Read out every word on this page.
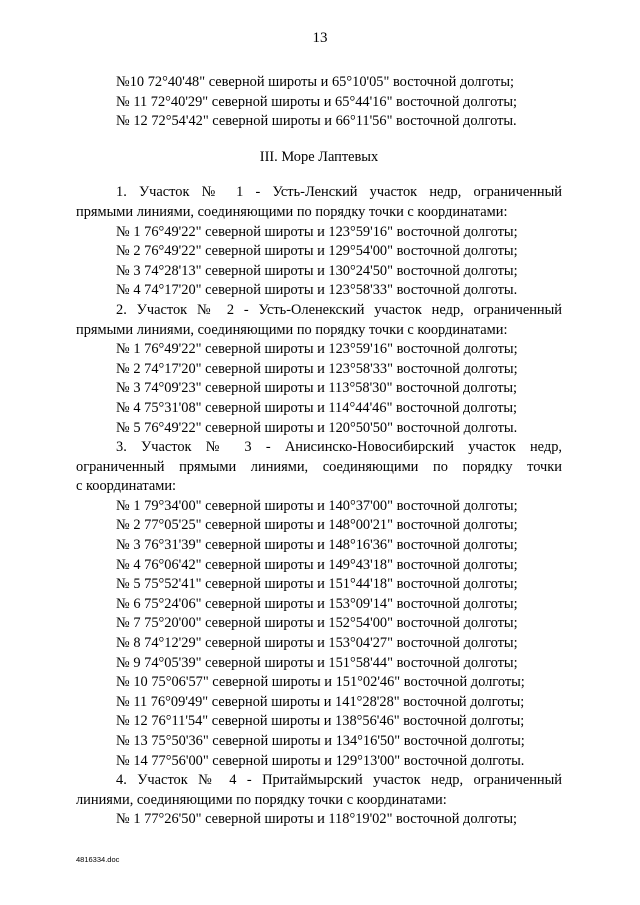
13
№10 72°40'48" северной широты и 65°10'05" восточной долготы;
№ 11 72°40'29" северной широты и 65°44'16" восточной долготы;
№ 12 72°54'42" северной широты и 66°11'56" восточной долготы.
III. Море Лаптевых
1. Участок № 1 - Усть-Ленский участок недр, ограниченный
прямыми линиями, соединяющими по порядку точки с координатами:
№ 1 76°49'22" северной широты и 123°59'16" восточной долготы;
№ 2 76°49'22" северной широты и 129°54'00" восточной долготы;
№ 3 74°28'13" северной широты и 130°24'50" восточной долготы;
№ 4 74°17'20" северной широты и 123°58'33" восточной долготы.
2. Участок № 2 - Усть-Оленекский участок недр, ограниченный
прямыми линиями, соединяющими по порядку точки с координатами:
№ 1 76°49'22" северной широты и 123°59'16" восточной долготы;
№ 2 74°17'20" северной широты и 123°58'33" восточной долготы;
№ 3 74°09'23" северной широты и 113°58'30" восточной долготы;
№ 4 75°31'08" северной широты и 114°44'46" восточной долготы;
№ 5 76°49'22" северной широты и 120°50'50" восточной долготы.
3. Участок № 3 - Анисинско-Новосибирский участок недр,
ограниченный прямыми линиями, соединяющими по порядку точки
с координатами:
№ 1 79°34'00" северной широты и 140°37'00" восточной долготы;
№ 2 77°05'25" северной широты и 148°00'21" восточной долготы;
№ 3 76°31'39" северной широты и 148°16'36" восточной долготы;
№ 4 76°06'42" северной широты и 149°43'18" восточной долготы;
№ 5 75°52'41" северной широты и 151°44'18" восточной долготы;
№ 6 75°24'06" северной широты и 153°09'14" восточной долготы;
№ 7 75°20'00" северной широты и 152°54'00" восточной долготы;
№ 8 74°12'29" северной широты и 153°04'27" восточной долготы;
№ 9 74°05'39" северной широты и 151°58'44" восточной долготы;
№ 10 75°06'57" северной широты и 151°02'46" восточной долготы;
№ 11 76°09'49" северной широты и 141°28'28" восточной долготы;
№ 12 76°11'54" северной широты и 138°56'46" восточной долготы;
№ 13 75°50'36" северной широты и 134°16'50" восточной долготы;
№ 14 77°56'00" северной широты и 129°13'00" восточной долготы.
4. Участок № 4 - Притаймырский участок недр, ограниченный
линиями, соединяющими по порядку точки с координатами:
№ 1 77°26'50" северной широты и 118°19'02" восточной долготы;
4816334.doc
